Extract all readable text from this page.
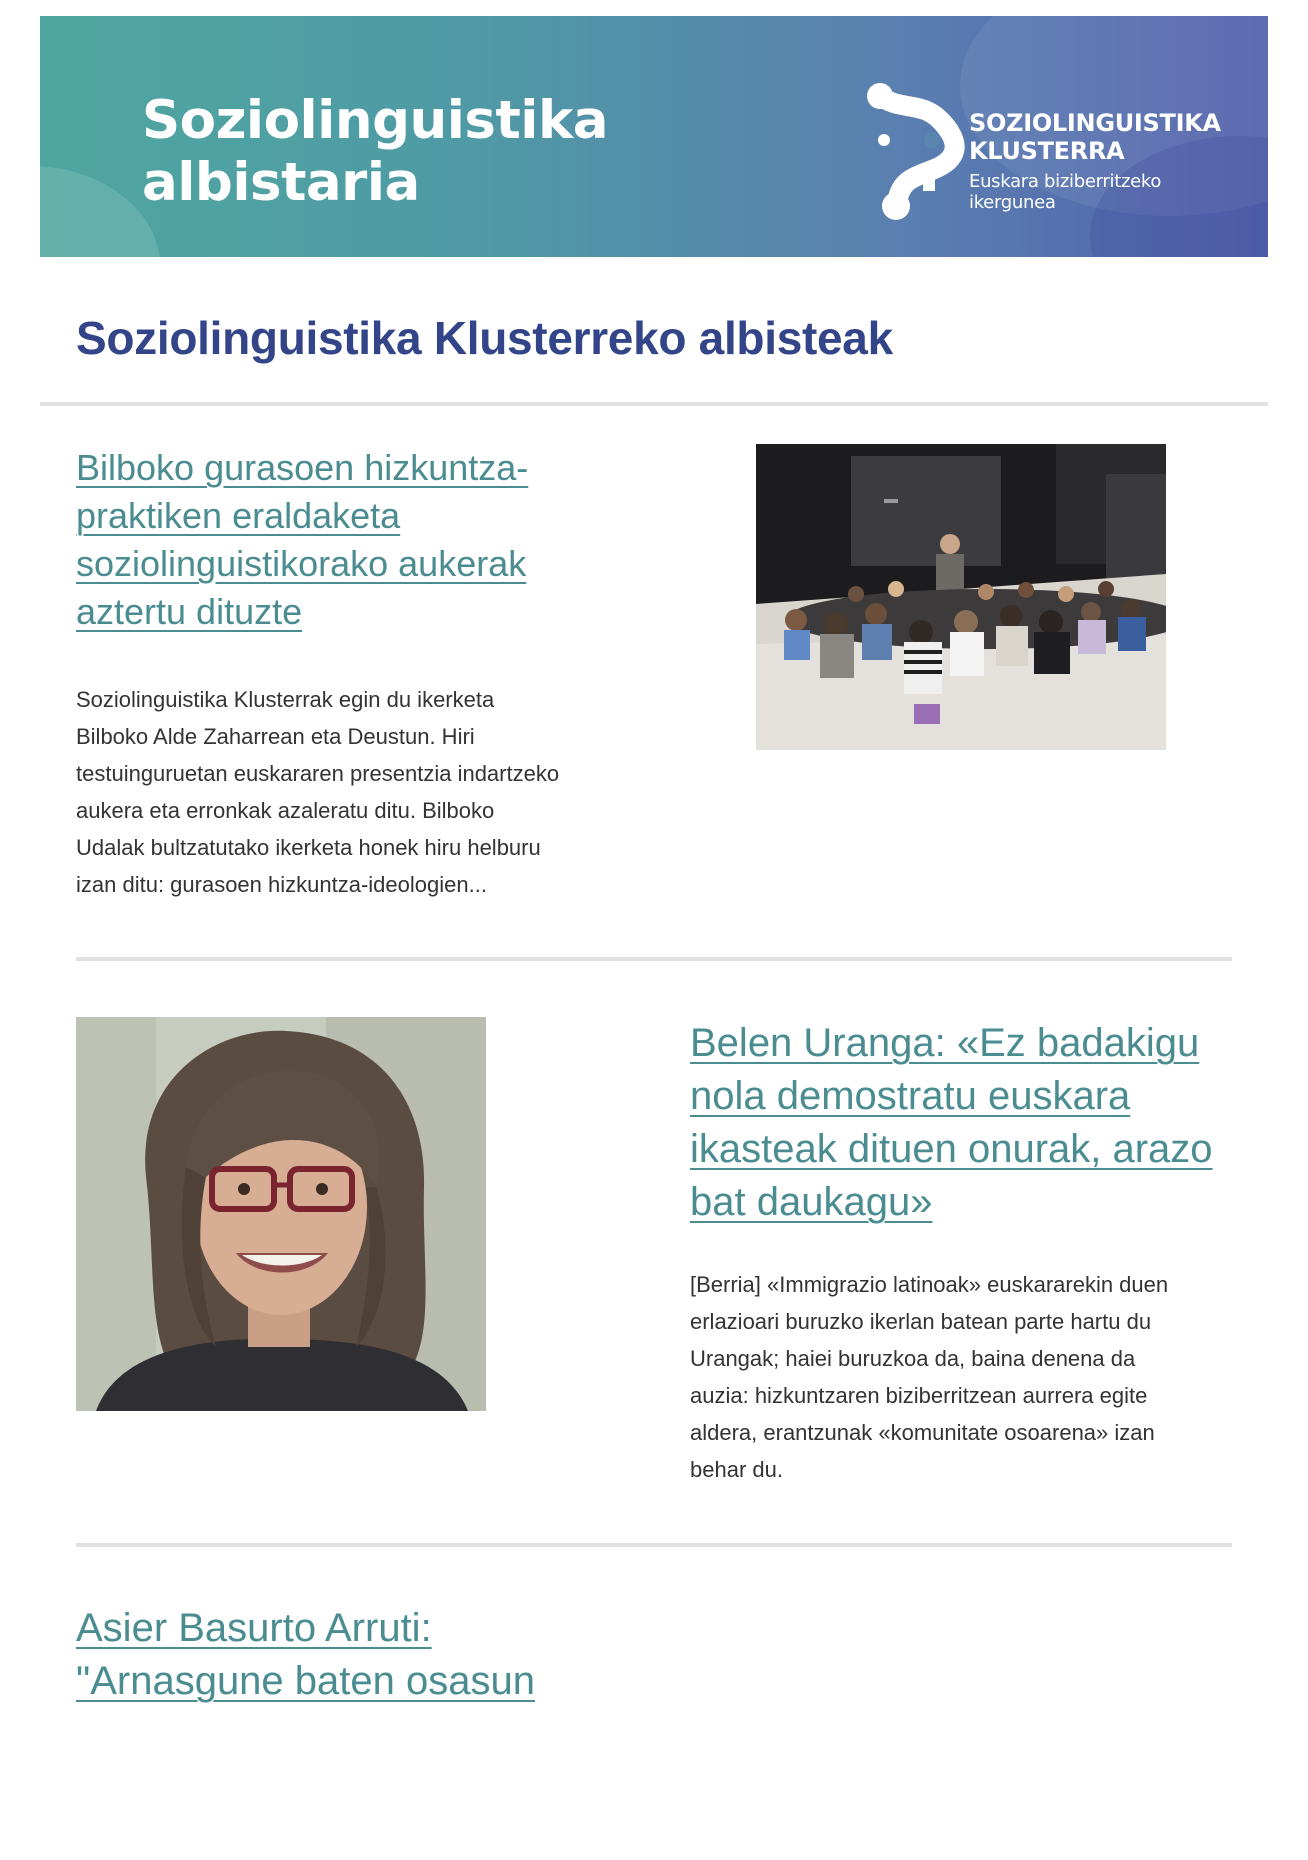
Soziolinguistika
albistaria
SOZIOLINGUISTIKA
KLUSTERRA
Euskara biziberritzeko
ikergunea
Soziolinguistika Klusterreko albisteak
Bilboko gurasoen hizkuntza-
praktiken eraldaketa
soziolinguistikorako aukerak
aztertu dituzte

Soziolinguistika Klusterrak egin du ikerketa
Bilboko Alde Zaharrean eta Deustun. Hiri
testuinguruetan euskararen presentzia indartzeko
aukera eta erronkak azaleratu ditu. Bilboko
Udalak bultzatutako ikerketa honek hiru helburu
izan ditu: gurasoen hizkuntza-ideologien...

Belen Uranga: «Ez badakigu
nola demostratu euskara
ikasteak dituen onurak, arazo
bat daukagu»

[Berria] «Immigrazio latinoak» euskararekin duen
erlazioari buruzko ikerlan batean parte hartu du
Urangak; haiei buruzkoa da, baina denena da
auzia: hizkuntzaren biziberritzean aurrera egite
aldera, erantzunak «komunitate osoarena» izan
behar du.

Asier Basurto Arruti:
"Arnasgune baten osasun
